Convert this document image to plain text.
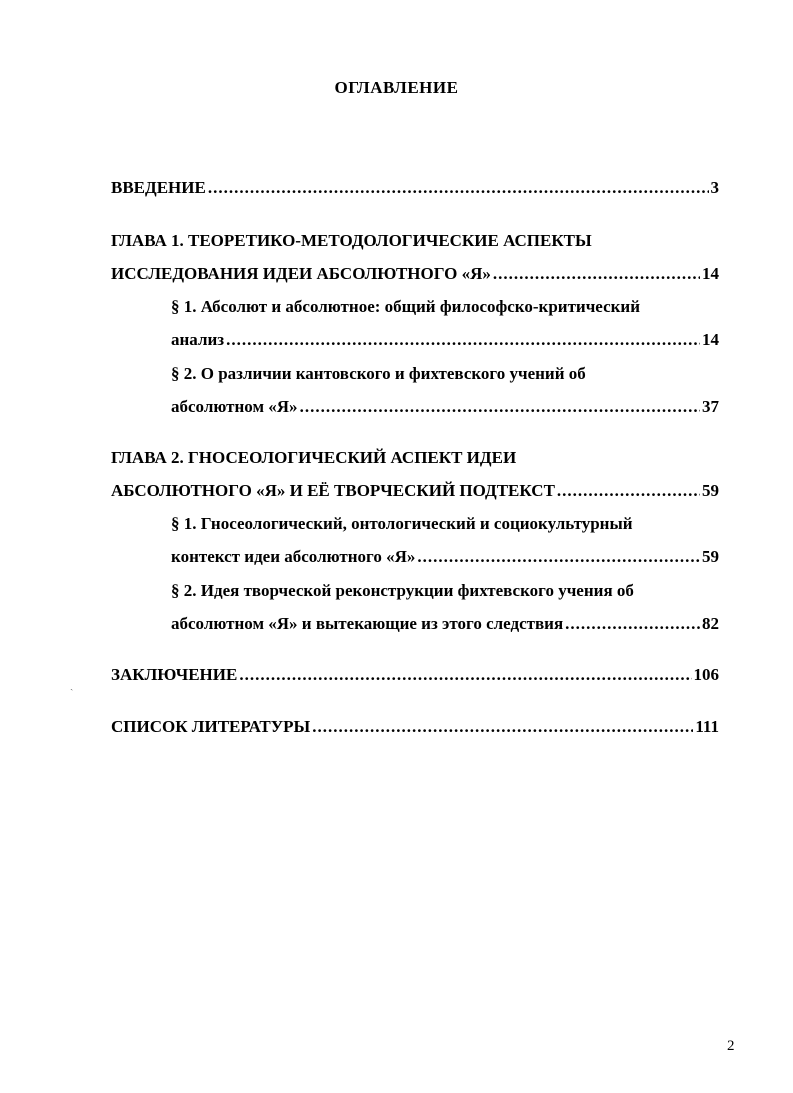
ОГЛАВЛЕНИЕ
ВВЕДЕНИЕ .....	3
ГЛАВА 1. ТЕОРЕТИКО-МЕТОДОЛОГИЧЕСКИЕ АСПЕКТЫ
ИССЛЕДОВАНИЯ ИДЕИ АБСОЛЮТНОГО «Я» .....	14
§ 1. Абсолют и абсолютное: общий философско-критический
анализ .....	14
§ 2. О различии кантовского и фихтевского учений об
абсолютном «Я» .....	37
ГЛАВА 2. ГНОСЕОЛОГИЧЕСКИЙ АСПЕКТ ИДЕИ
АБСОЛЮТНОГО «Я» И ЕЁ ТВОРЧЕСКИЙ ПОДТЕКСТ .....	59
§ 1. Гносеологический, онтологический и социокультурный
контекст идеи абсолютного «Я» .....	59
§ 2. Идея творческой реконструкции фихтевского учения об
абсолютном «Я» и вытекающие из этого следствия .....	82
ЗАКЛЮЧЕНИЕ .....	106
СПИСОК ЛИТЕРАТУРЫ .....	111
ˏ
2
